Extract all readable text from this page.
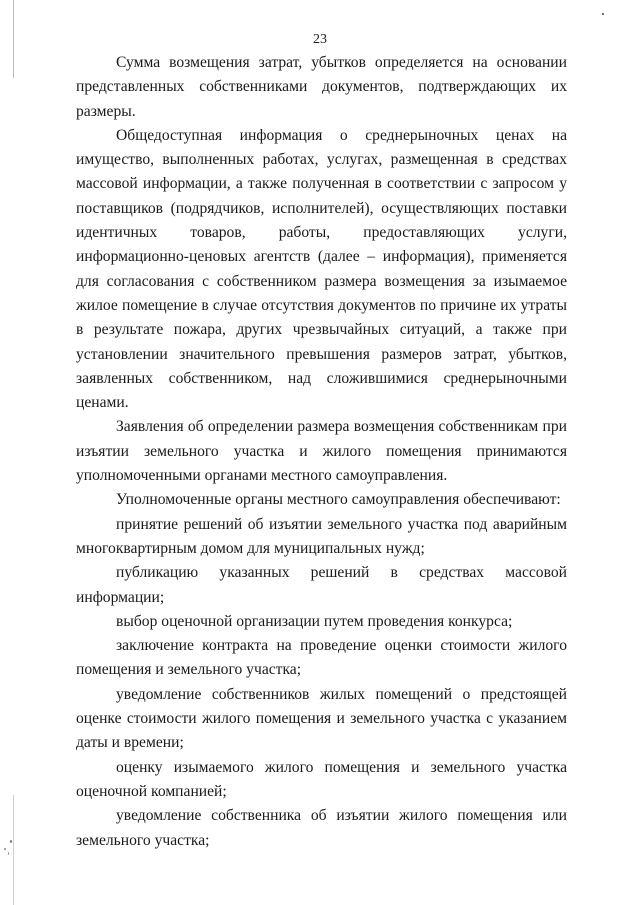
23

Сумма возмещения затрат, убытков определяется на основании представленных собственниками документов, подтверждающих их размеры.

Общедоступная информация о среднерыночных ценах на имущество, выполненных работах, услугах, размещенная в средствах массовой информации, а также полученная в соответствии с запросом у поставщиков (подрядчиков, исполнителей), осуществляющих поставки идентичных товаров, работы, предоставляющих услуги, информационно-ценовых агентств (далее – информация), применяется для согласования с собственником размера возмещения за изымаемое жилое помещение в случае отсутствия документов по причине их утраты в результате пожара, других чрезвычайных ситуаций, а также при установлении значительного превышения размеров затрат, убытков, заявленных собственником, над сложившимися среднерыночными ценами.

Заявления об определении размера возмещения собственникам при изъятии земельного участка и жилого помещения принимаются уполномоченными органами местного самоуправления.

Уполномоченные органы местного самоуправления обеспечивают:

принятие решений об изъятии земельного участка под аварийным многоквартирным домом для муниципальных нужд;

публикацию указанных решений в средствах массовой информации;

выбор оценочной организации путем проведения конкурса;

заключение контракта на проведение оценки стоимости жилого помещения и земельного участка;

уведомление собственников жилых помещений о предстоящей оценке стоимости жилого помещения и земельного участка с указанием даты и времени;

оценку изымаемого жилого помещения и земельного участка оценочной компанией;

уведомление собственника об изъятии жилого помещения или земельного участка;
